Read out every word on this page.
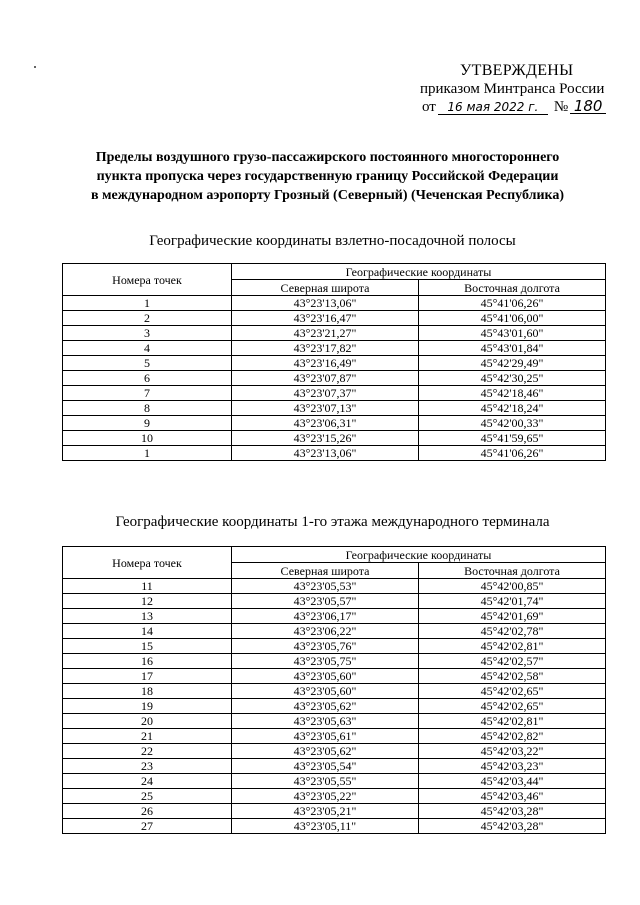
УТВЕРЖДЕНЫ
приказом Минтранса России
от 16 мая 2022 г.	№ 180
Пределы воздушного грузо-пассажирского постоянного многостороннего
пункта пропуска через государственную границу Российской Федерации
в международном аэропорту Грозный (Северный) (Чеченская Республика)
Географические координаты взлетно-посадочной полосы
Номера точек	Географические координаты	
	Северная широта	Восточная долгота
1	43°23'13,06"	45°41'06,26"
2	43°23'16,47"	45°41'06,00"
3	43°23'21,27"	45°43'01,60"
4	43°23'17,82"	45°43'01,84"
5	43°23'16,49"	45°42'29,49"
6	43°23'07,87"	45°42'30,25"
7	43°23'07,37"	45°42'18,46"
8	43°23'07,13"	45°42'18,24"
9	43°23'06,31"	45°42'00,33"
10	43°23'15,26"	45°41'59,65"
1	43°23'13,06"	45°41'06,26"
Географические координаты 1-го этажа международного терминала
Номера точек	Географические координаты	
	Северная широта	Восточная долгота
11	43°23'05,53"	45°42'00,85"
12	43°23'05,57"	45°42'01,74"
13	43°23'06,17"	45°42'01,69"
14	43°23'06,22"	45°42'02,78"
15	43°23'05,76"	45°42'02,81"
16	43°23'05,75"	45°42'02,57"
17	43°23'05,60"	45°42'02,58"
18	43°23'05,60"	45°42'02,65"
19	43°23'05,62"	45°42'02,65"
20	43°23'05,63"	45°42'02,81"
21	43°23'05,61"	45°42'02,82"
22	43°23'05,62"	45°42'03,22"
23	43°23'05,54"	45°42'03,23"
24	43°23'05,55"	45°42'03,44"
25	43°23'05,22"	45°42'03,46"
26	43°23'05,21"	45°42'03,28"
27	43°23'05,11"	45°42'03,28"
